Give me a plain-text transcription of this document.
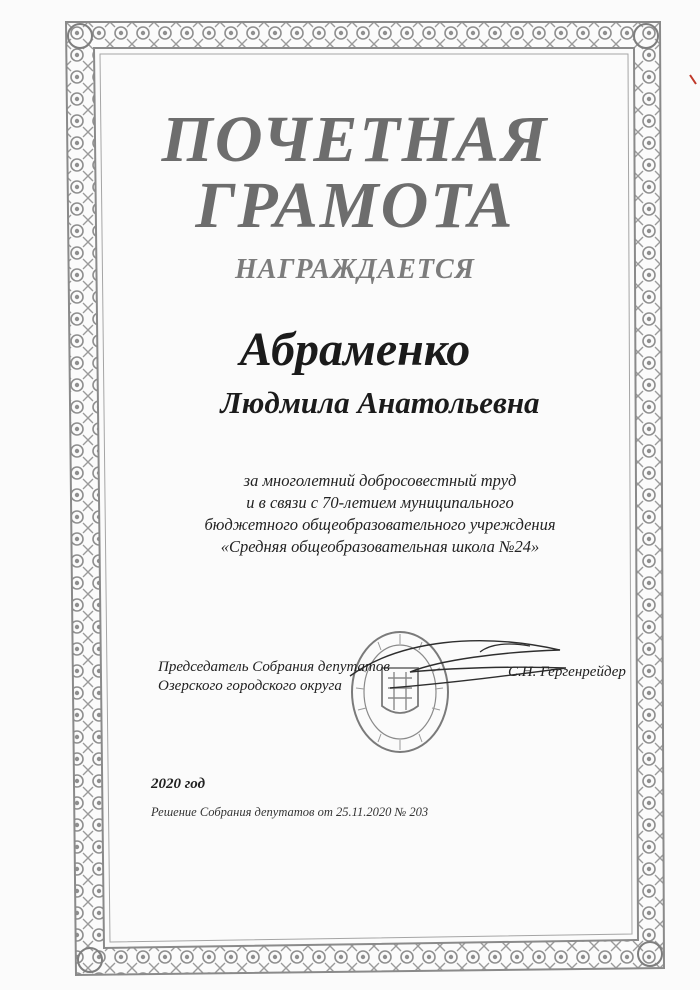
ПОЧЕТНАЯ
ГРАМОТА
НАГРАЖДАЕТСЯ
Абраменко
Людмила Анатольевна
за многолетний добросовестный труд
и в связи с 70-летием муниципального
бюджетного общеобразовательного учреждения
«Средняя общеобразовательная школа №24»
Председатель Собрания депутатов
Озерского городского округа
С.Н. Гергенрейдер
2020 год
Решение Собрания депутатов от 25.11.2020 № 203
